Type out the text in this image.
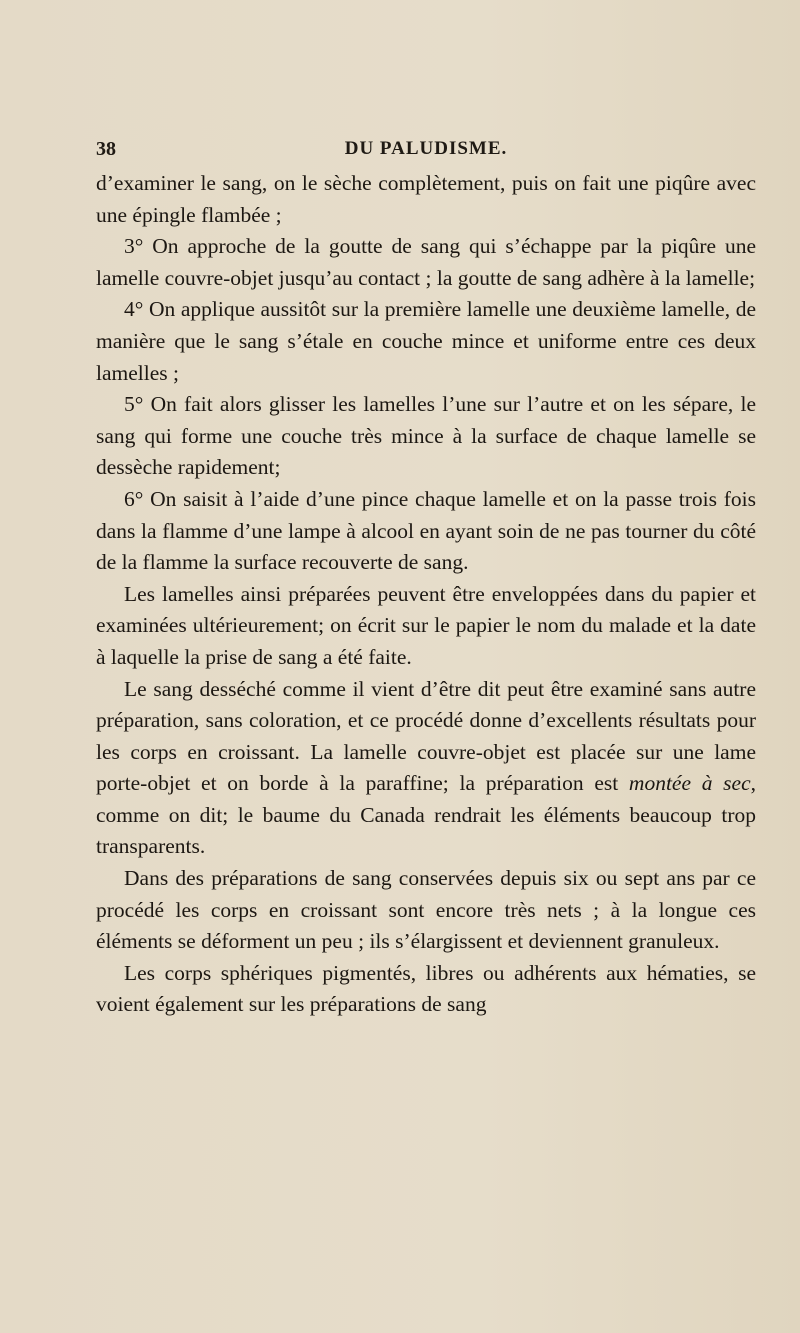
38	DU PALUDISME.

d’examiner le sang, on le sèche complètement, puis on fait une piqûre avec une épingle flambée ;

3° On approche de la goutte de sang qui s’échappe par la piqûre une lamelle couvre-objet jusqu’au contact ; la goutte de sang adhère à la lamelle;

4° On applique aussitôt sur la première lamelle une deuxième lamelle, de manière que le sang s’étale en couche mince et uniforme entre ces deux lamelles ;

5° On fait alors glisser les lamelles l’une sur l’autre et on les sépare, le sang qui forme une couche très mince à la surface de chaque lamelle se dessèche rapidement;

6° On saisit à l’aide d’une pince chaque lamelle et on la passe trois fois dans la flamme d’une lampe à alcool en ayant soin de ne pas tourner du côté de la flamme la surface recouverte de sang.

Les lamelles ainsi préparées peuvent être enveloppées dans du papier et examinées ultérieurement; on écrit sur le papier le nom du malade et la date à laquelle la prise de sang a été faite.

Le sang desséché comme il vient d’être dit peut être examiné sans autre préparation, sans coloration, et ce procédé donne d’excellents résultats pour les corps en croissant. La lamelle couvre-objet est placée sur une lame porte-objet et on borde à la paraffine; la préparation est montée à sec, comme on dit; le baume du Canada rendrait les éléments beaucoup trop transparents.

Dans des préparations de sang conservées depuis six ou sept ans par ce procédé les corps en croissant sont encore très nets ; à la longue ces éléments se déforment un peu ; ils s’élargissent et deviennent granuleux.

Les corps sphériques pigmentés, libres ou adhérents aux hématies, se voient également sur les préparations de sang
